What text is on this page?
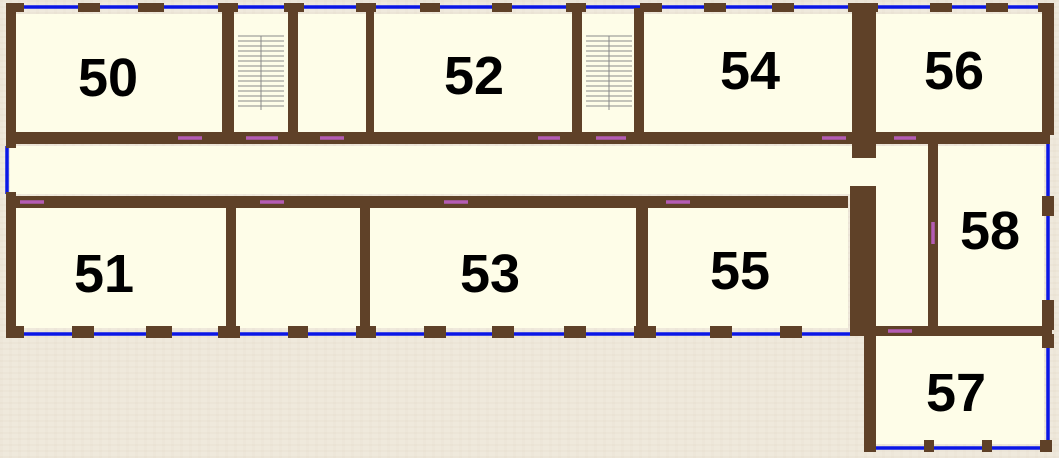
50
51
52
53
54
55
56
57
58
